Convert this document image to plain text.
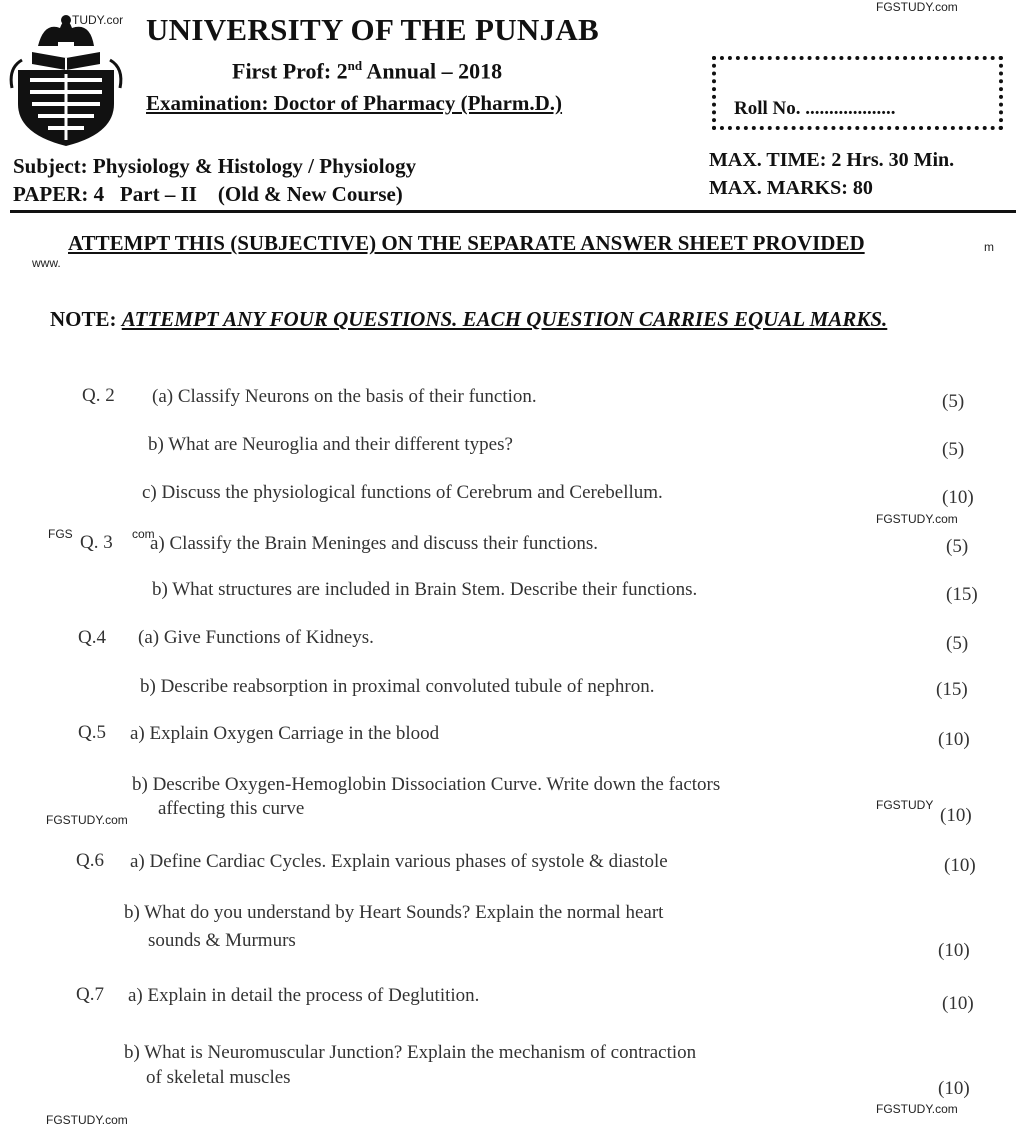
TUDY.cor
FGSTUDY.com
www.
m
FGS	com
FGSTUDY.com
FGSTUDY.com
FGSTUDY
FGSTUDY.com
FGSTUDY.com
UNIVERSITY OF THE PUNJAB
First Prof: 2nd Annual – 2018
Examination: Doctor of Pharmacy (Pharm.D.)	Roll No. ...................
Subject: Physiology & Histology / Physiology
PAPER: 4   Part – II    (Old & New Course)
MAX. TIME: 2 Hrs. 30 Min.
MAX. MARKS: 80
ATTEMPT THIS (SUBJECTIVE) ON THE SEPARATE ANSWER SHEET PROVIDED
NOTE: ATTEMPT ANY FOUR QUESTIONS. EACH QUESTION CARRIES EQUAL MARKS.
Q. 2 (a) Classify Neurons on the basis of their function.	(5)
b) What are Neuroglia and their different types?	(5)
c) Discuss the physiological functions of Cerebrum and Cerebellum.	(10)
Q. 3 a) Classify the Brain Meninges and discuss their functions.	(5)
b) What structures are included in Brain Stem. Describe their functions.	(15)
Q.4 (a) Give Functions of Kidneys.	(5)
b) Describe reabsorption in proximal convoluted tubule of nephron.	(15)
Q.5 a) Explain Oxygen Carriage in the blood	(10)
b) Describe Oxygen-Hemoglobin Dissociation Curve. Write down the factors
affecting this curve	(10)
Q.6 a) Define Cardiac Cycles. Explain various phases of systole & diastole	(10)
b) What do you understand by Heart Sounds? Explain the normal heart
sounds & Murmurs	(10)
Q.7 a) Explain in detail the process of Deglutition.	(10)
b) What is Neuromuscular Junction? Explain the mechanism of contraction
of skeletal muscles
(10)
